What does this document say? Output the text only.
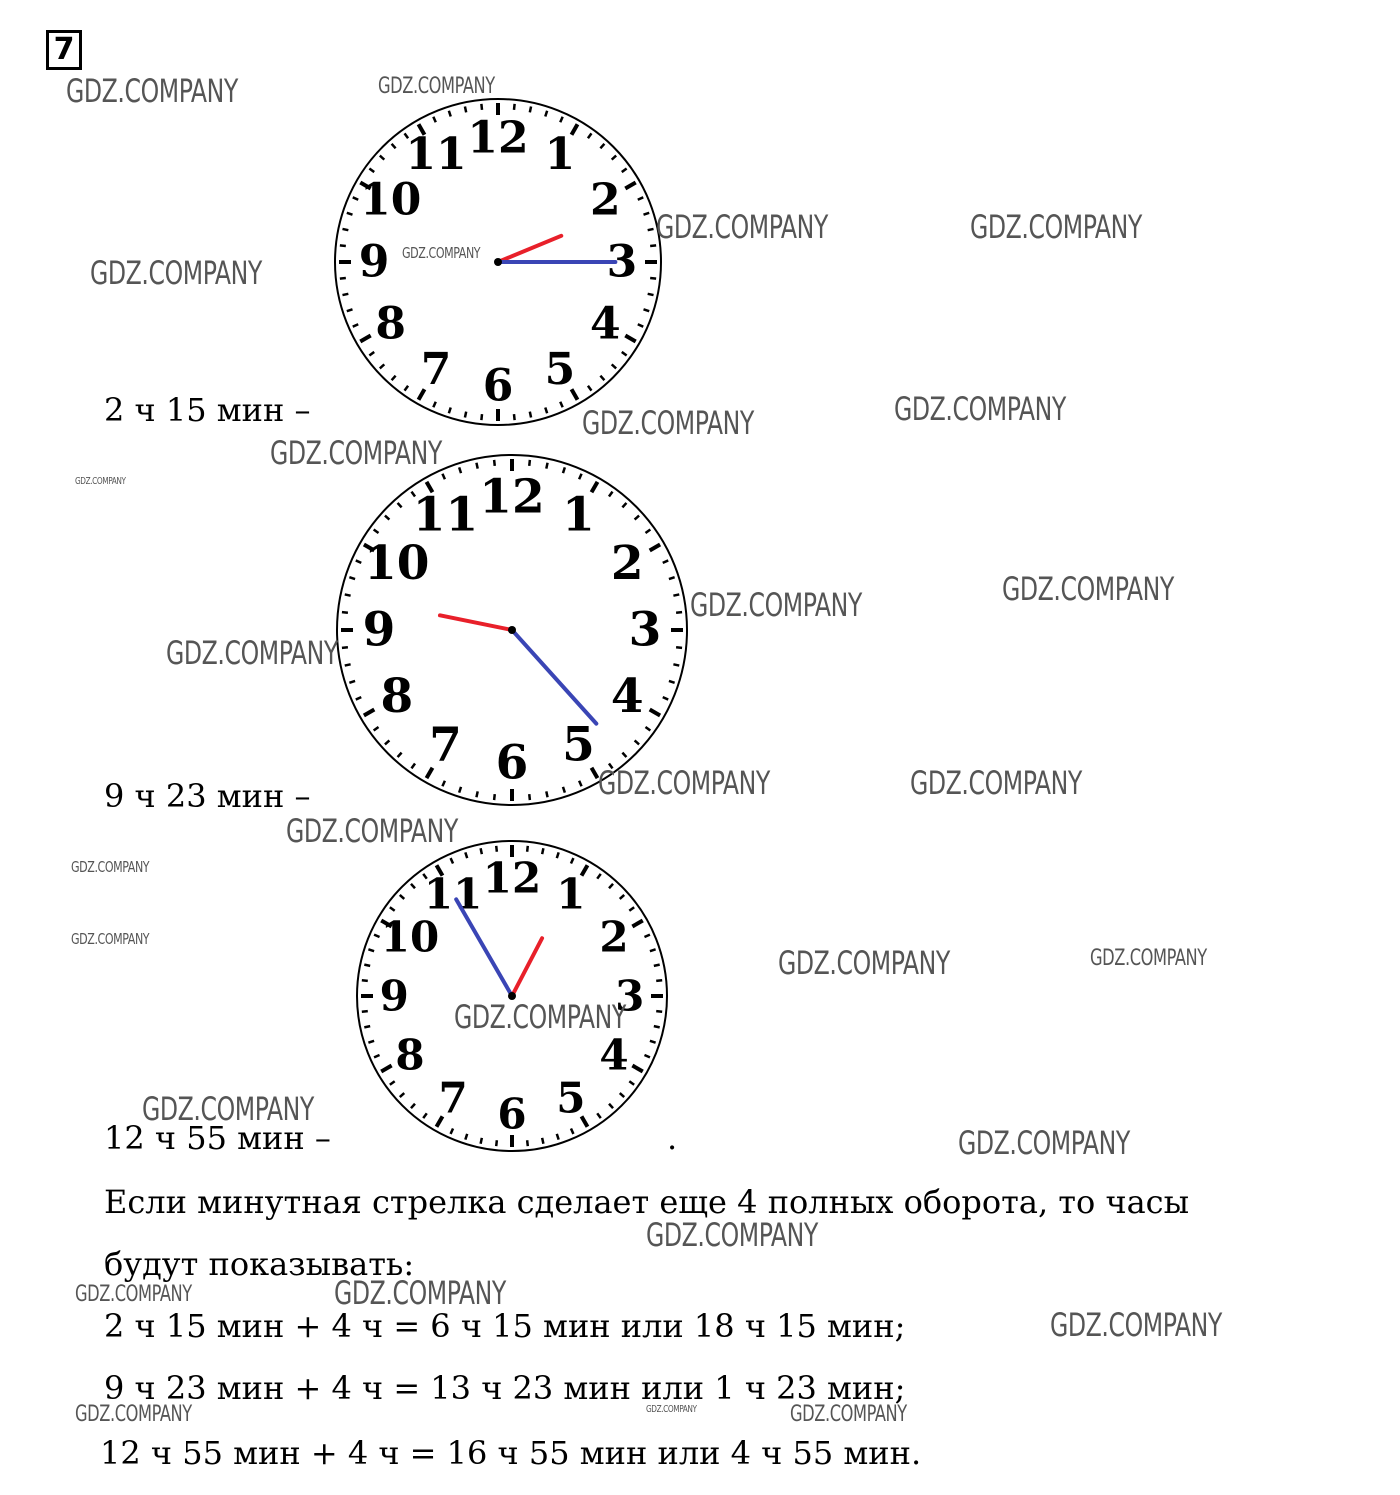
7
12 1
2
3
4
5
6
7
8
9
10
11
12 1
2
3
4
5
6
7
8
9
10
11
12 1
2
3
4
5
6
7
8
9
10
11
2 ч 15 мин –
9 ч 23 мин –
12 ч 55 мин –	.
Если минутная стрелка сделает еще 4 полных оборота, то часы
будут показывать:
2 ч 15 мин + 4 ч = 6 ч 15 мин или 18 ч 15 мин;
9 ч 23 мин + 4 ч = 13 ч 23 мин или 1 ч 23 мин;
12 ч 55 мин + 4 ч = 16 ч 55 мин или 4 ч 55 мин.
GDZ.COMPANY	GDZ.COMPANY
GDZ.COMPANY
GDZ.COMPANY	GDZ.COMPANY
GDZ.COMPANY
GDZ.COMPANY	GDZ.COMPANY
GDZ.COMPANY
GDZ.COMPANY
GDZ.COMPANY	GDZ.COMPANY
GDZ.COMPANY
GDZ.COMPANY	GDZ.COMPANY
GDZ.COMPANY
GDZ.COMPANY
GDZ.COMPANY
GDZ.COMPANY	GDZ.COMPANY
GDZ.COMPANY
GDZ.COMPANY
GDZ.COMPANY
GDZ.COMPANY
GDZ.COMPANY	GDZ.COMPANY
GDZ.COMPANY
GDZ.COMPANY	GDZ.COMPANY	GDZ.COMPANY
